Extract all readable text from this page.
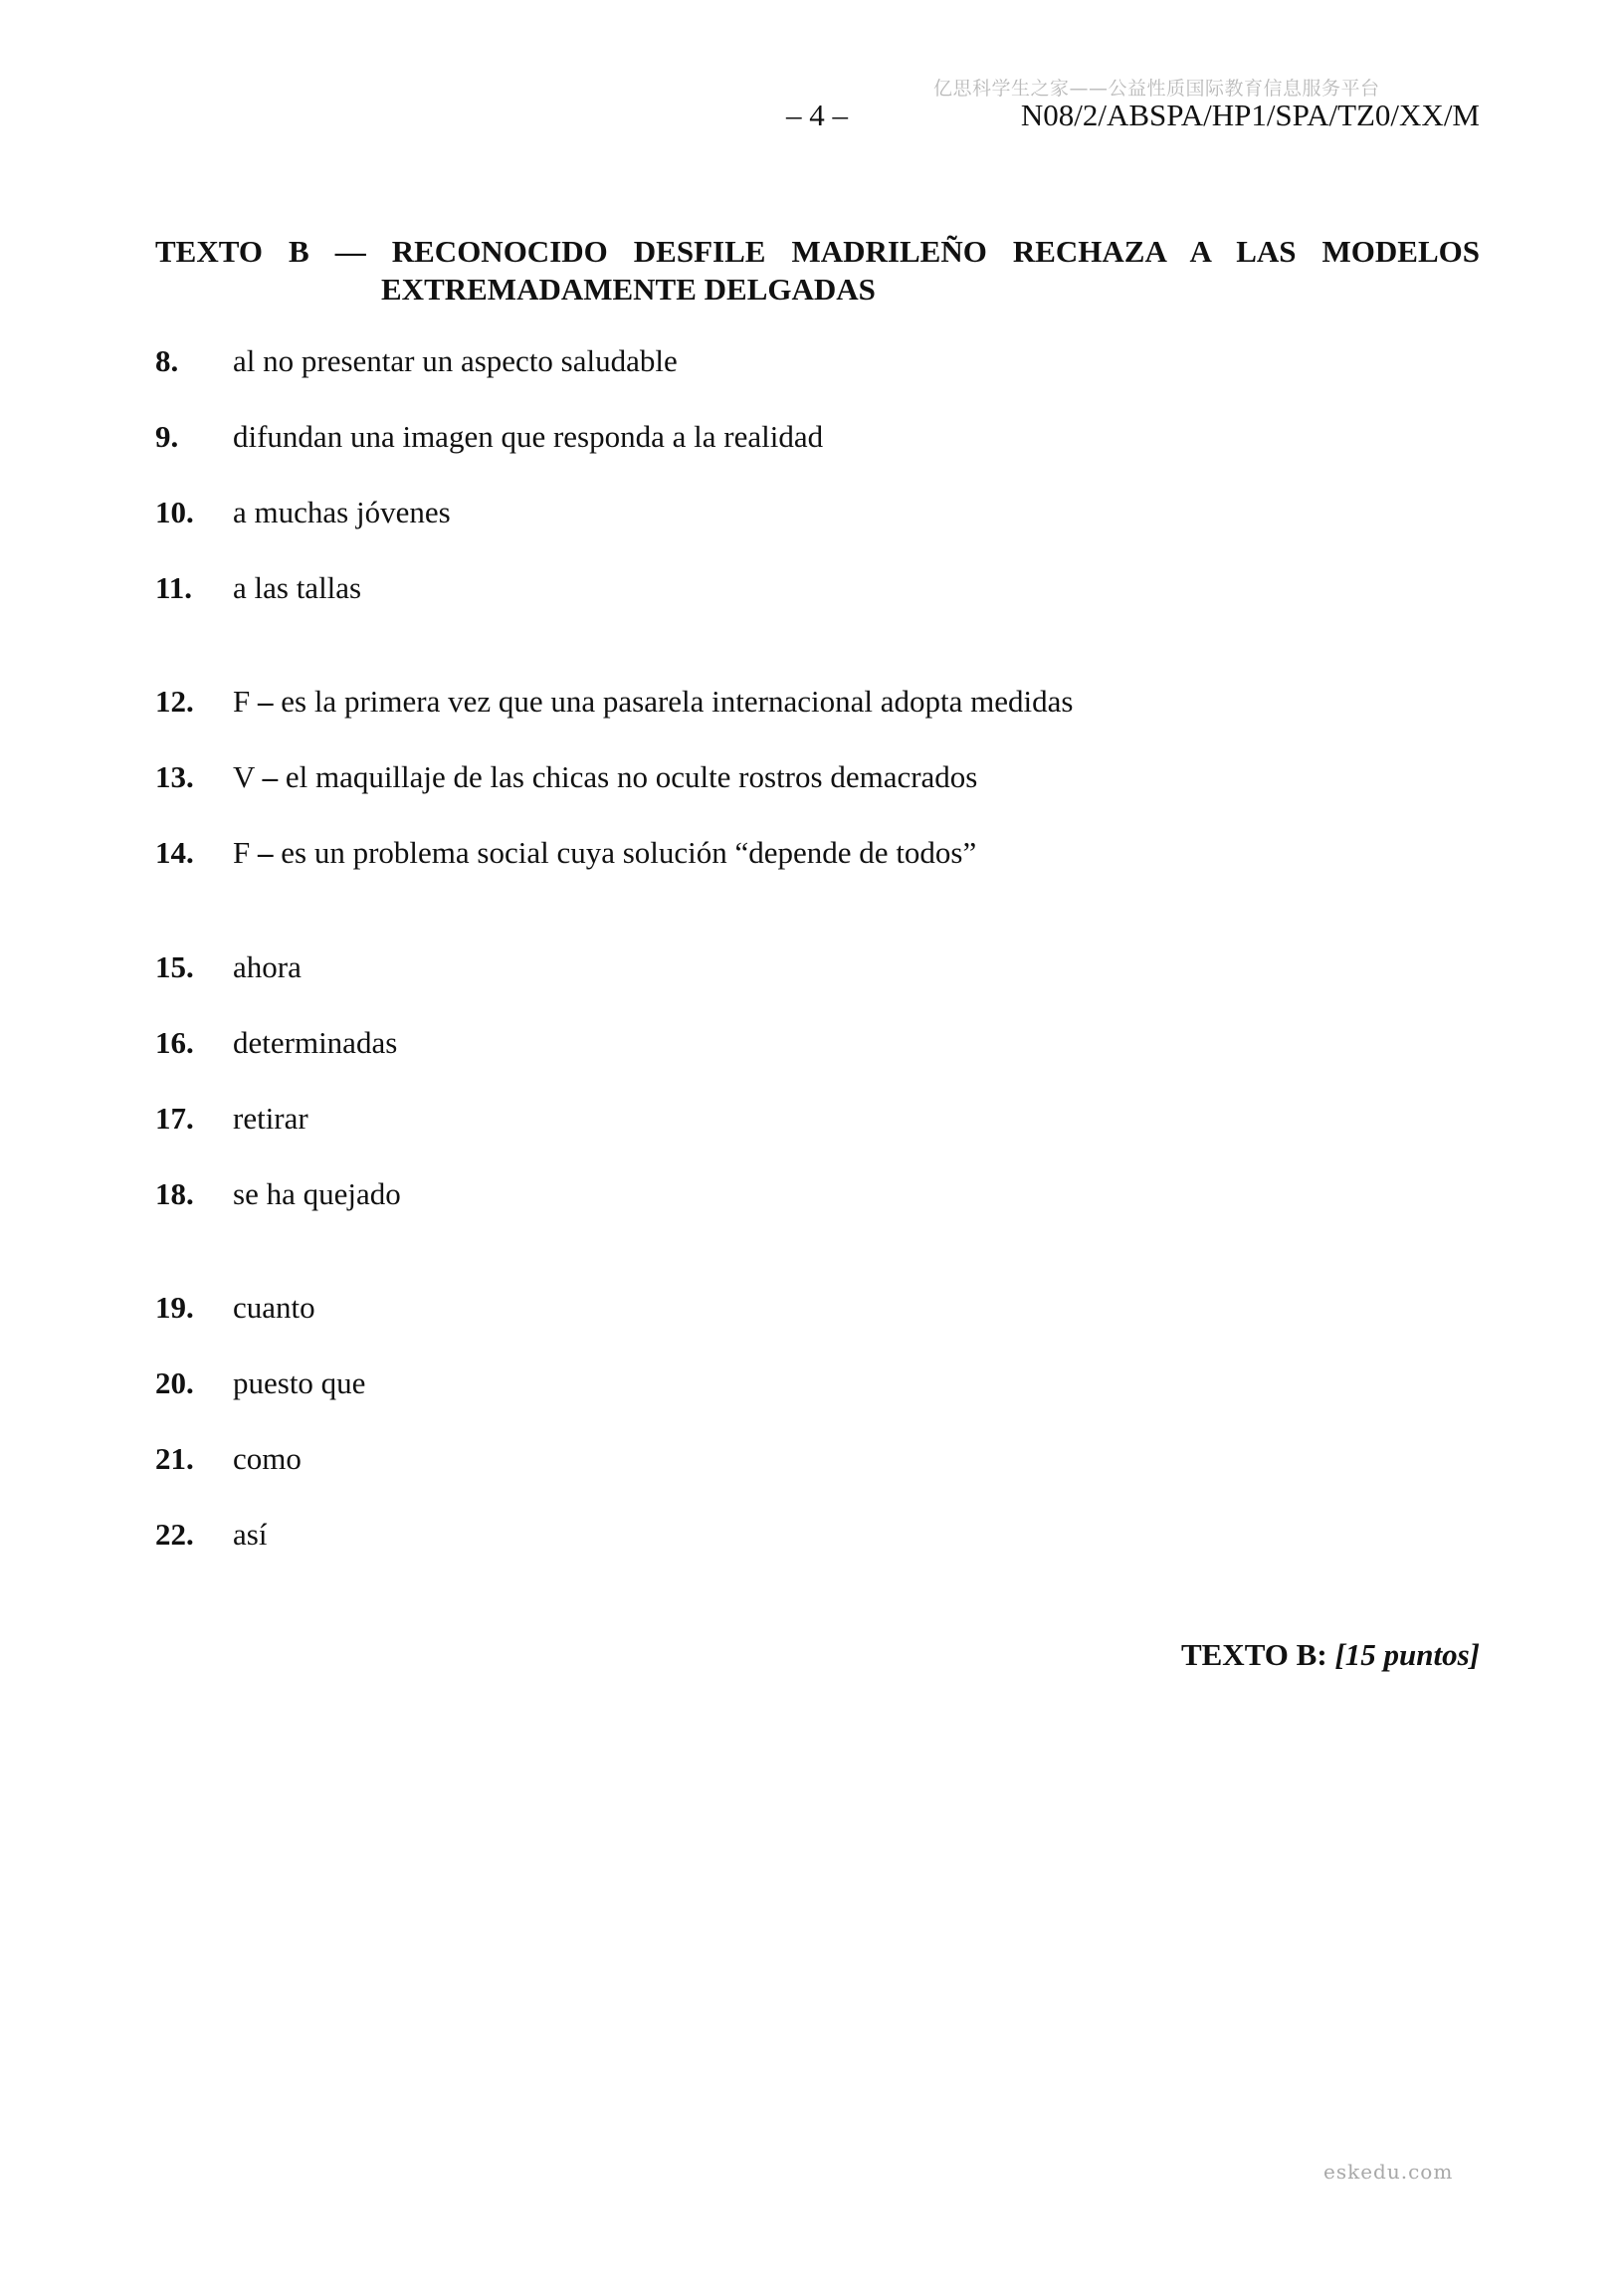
亿思科学生之家——公益性质国际教育信息服务平台
– 4 –	N08/2/ABSPA/HP1/SPA/TZ0/XX/M
TEXTO B — RECONOCIDO DESFILE MADRILEÑO RECHAZA A LAS MODELOS
EXTREMADAMENTE DELGADAS
8. al no presentar un aspecto saludable
9. difundan una imagen que responda a la realidad
10. a muchas jóvenes
11. a las tallas
12. F – es la primera vez que una pasarela internacional adopta medidas
13. V – el maquillaje de las chicas no oculte rostros demacrados
14. F – es un problema social cuya solución “depende de todos”
15. ahora
16. determinadas
17. retirar
18. se ha quejado
19. cuanto
20. puesto que
21. como
22. así
TEXTO B: [15 puntos]
eskedu.com
